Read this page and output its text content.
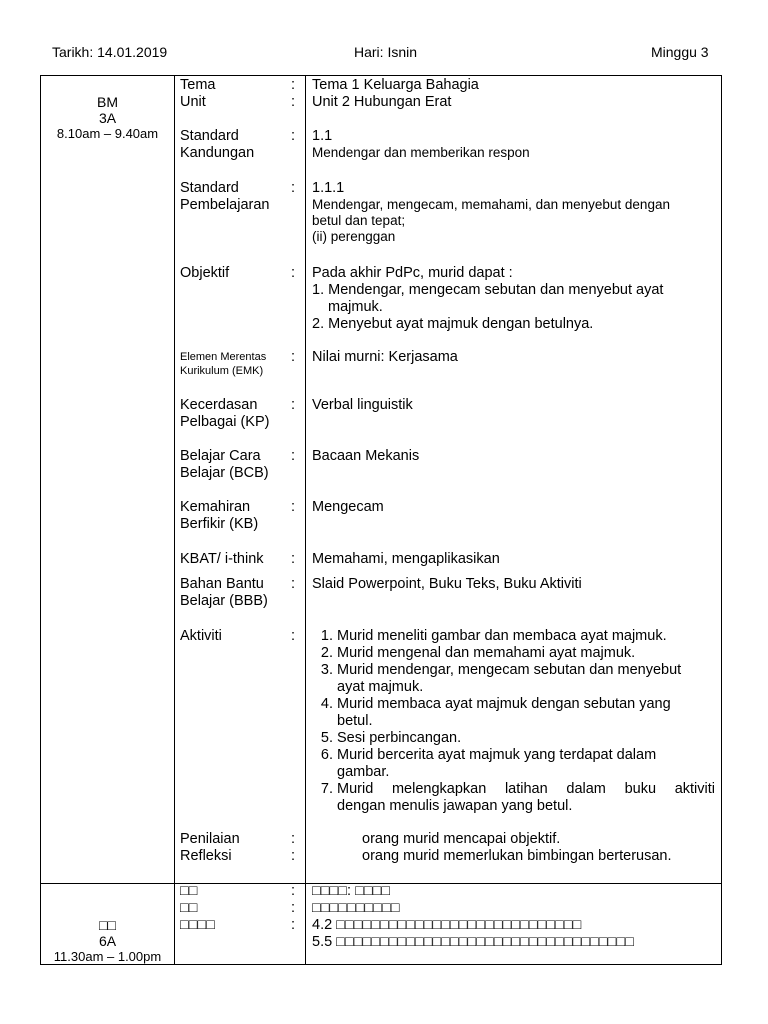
Tarikh: 14.01.2019	Hari: Isnin	Minggu 3
BM
3A
8.10am – 9.40am
Tema	: Tema 1 Keluarga Bahagia
Unit	: Unit 2 Hubungan Erat
Standard
Kandungan
: 1.1
Mendengar dan memberikan respon
Standard
Pembelajaran
: 1.1.1
Mendengar, mengecam, memahami, dan menyebut dengan
betul dan tepat;
(ii) perenggan
Objektif	: Pada akhir PdPc, murid dapat :
1. Mendengar, mengecam sebutan dan menyebut ayat
majmuk.
2. Menyebut ayat majmuk dengan betulnya.
Elemen Merentas
Kurikulum (EMK)
: Nilai murni: Kerjasama
Kecerdasan
Pelbagai (KP)
: Verbal linguistik
Belajar Cara
Belajar (BCB)
: Bacaan Mekanis
Kemahiran
Berfikir (KB)
: Mengecam
KBAT/ i-think	: Memahami, mengaplikasikan
Bahan Bantu
Belajar (BBB)
: Slaid Powerpoint, Buku Teks, Buku Aktiviti
Aktiviti	:
1.	Murid meneliti gambar dan membaca ayat majmuk.
2. Murid mengenal dan memahami ayat majmuk.
3. Murid mendengar, mengecam sebutan dan menyebut
ayat majmuk.
4. Murid membaca ayat majmuk dengan sebutan yang
betul.
5. Sesi perbincangan.
6. Murid bercerita ayat majmuk yang terdapat dalam
gambar.
7. Murid melengkapkan latihan dalam buku aktiviti
dengan menulis jawapan yang betul.
Penilaian	:	orang murid mencapai objektif.
Refleksi	:	orang murid memerlukan bimbingan berterusan.
□□
6A
11.30am – 1.00pm
□□	: □□□□: □□□□
□□	: □□□□□□□□□□
□□□□	: 4.2 □□□□□□□□□□□□□□□□□□□□□□□□□□□□
5.5 □□□□□□□□□□□□□□□□□□□□□□□□□□□□□□□□□□
